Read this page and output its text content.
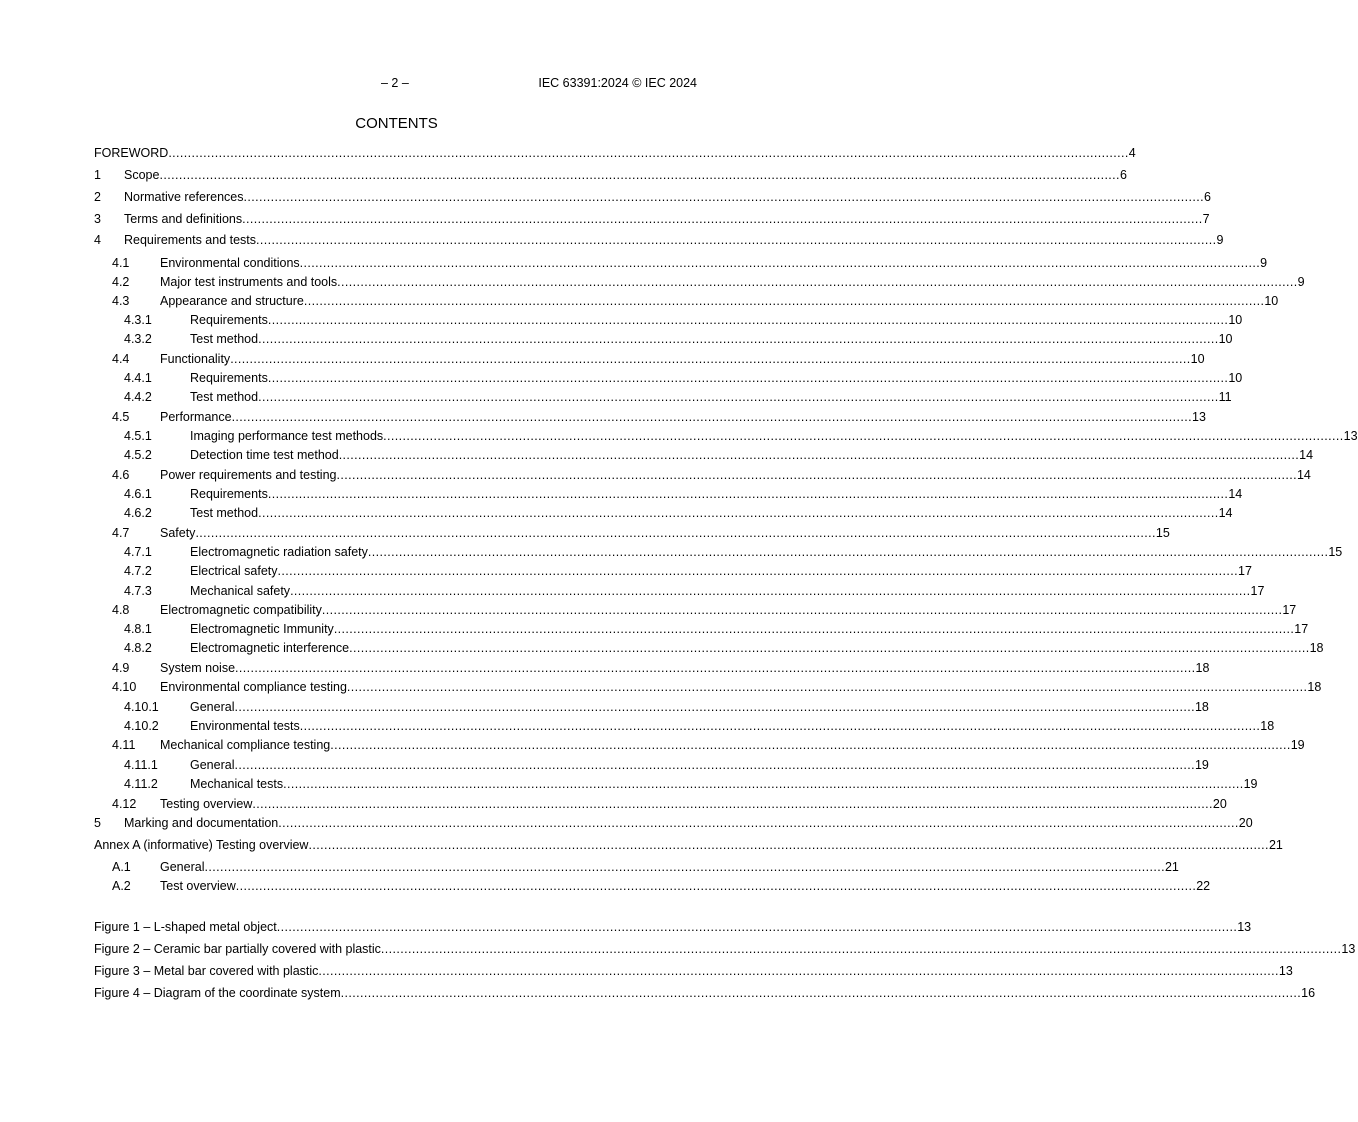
– 2 –	IEC 63391:2024 © IEC 2024
CONTENTS
FOREWORD .....	4
1	Scope .....	6
2	Normative references .....	6
3	Terms and definitions .....	7
4	Requirements and tests .....	9
4.1	Environmental conditions .....	9
4.2	Major test instruments and tools .....	9
4.3	Appearance and structure .....	10
4.3.1	Requirements .....	10
4.3.2	Test method .....	10
4.4	Functionality .....	10
4.4.1	Requirements .....	10
4.4.2	Test method .....	11
4.5	Performance .....	13
4.5.1	Imaging performance test methods .....	13
4.5.2	Detection time test method .....	14
4.6	Power requirements and testing .....	14
4.6.1	Requirements .....	14
4.6.2	Test method .....	14
4.7	Safety .....	15
4.7.1	Electromagnetic radiation safety .....	15
4.7.2	Electrical safety .....	17
4.7.3	Mechanical safety .....	17
4.8	Electromagnetic compatibility .....	17
4.8.1	Electromagnetic Immunity .....	17
4.8.2	Electromagnetic interference .....	18
4.9	System noise .....	18
4.10	Environmental compliance testing .....	18
4.10.1	General .....	18
4.10.2	Environmental tests .....	18
4.11	Mechanical compliance testing .....	19
4.11.1	General .....	19
4.11.2	Mechanical tests .....	19
4.12	Testing overview .....	20
5	Marking and documentation .....	20
Annex A (informative) Testing overview .....	21
A.1	General .....	21
A.2	Test overview .....	22
Figure 1 – L-shaped metal object .....	13
Figure 2 – Ceramic bar partially covered with plastic .....	13
Figure 3 – Metal bar covered with plastic .....	13
Figure 4 – Diagram of the coordinate system .....	16
